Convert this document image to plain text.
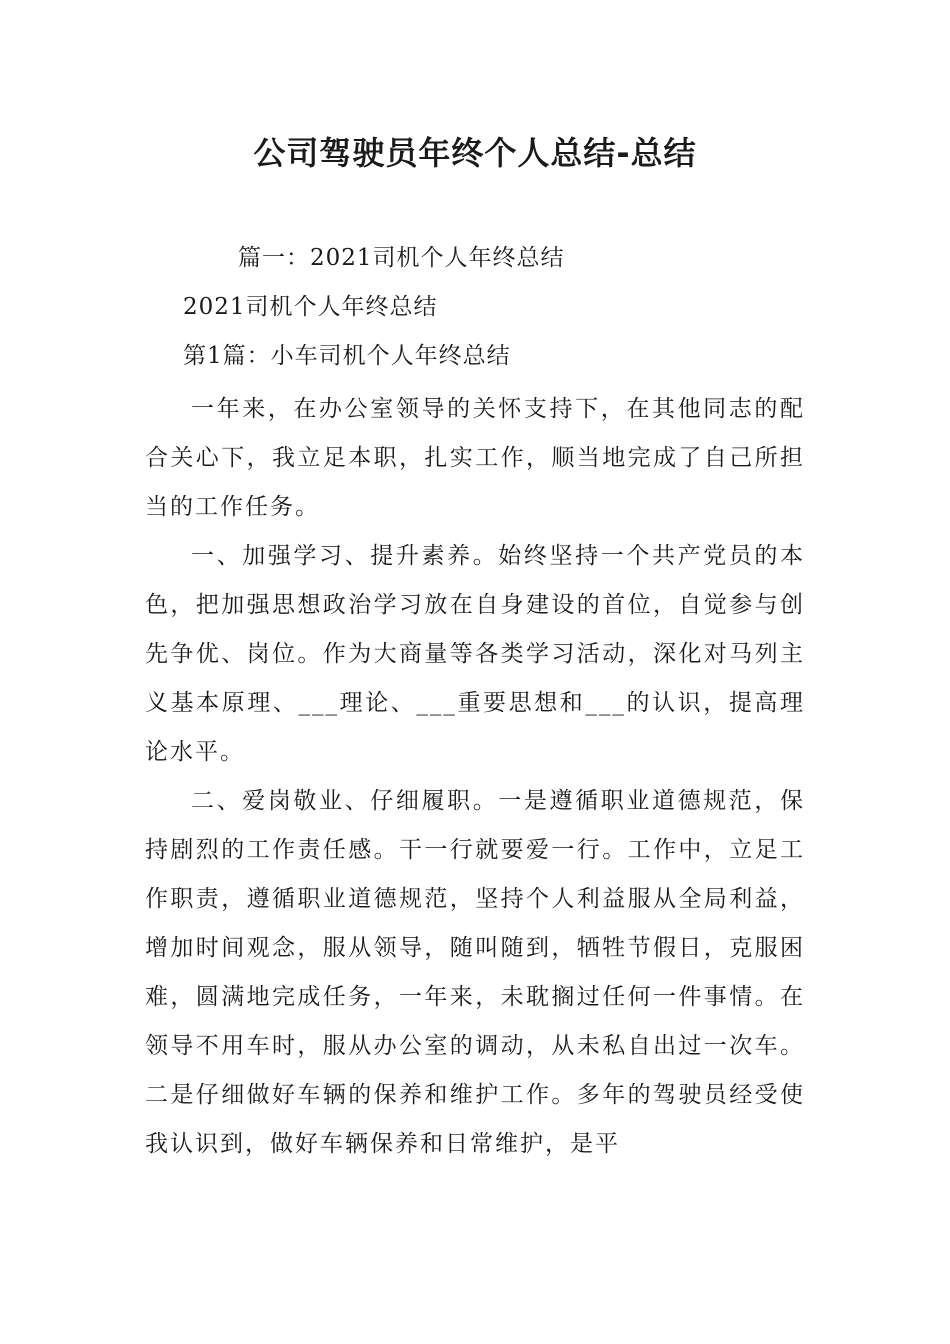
公司驾驶员年终个人总结-总结

篇一：2021司机个人年终总结

2021司机个人年终总结

第1篇：小车司机个人年终总结

一年来，在办公室领导的关怀支持下，在其他同志的配合关心下，我立足本职，扎实工作，顺当地完成了自己所担当的工作任务。

一、加强学习、提升素养。始终坚持一个共产党员的本色，把加强思想政治学习放在自身建设的首位，自觉参与创先争优、岗位。作为大商量等各类学习活动，深化对马列主义基本原理、___理论、___重要思想和___的认识，提高理论水平。

二、爱岗敬业、仔细履职。一是遵循职业道德规范，保持剧烈的工作责任感。干一行就要爱一行。工作中，立足工作职责，遵循职业道德规范，坚持个人利益服从全局利益，增加时间观念，服从领导，随叫随到，牺牲节假日，克服困难，圆满地完成任务，一年来，未耽搁过任何一件事情。在领导不用车时，服从办公室的调动，从未私自出过一次车。二是仔细做好车辆的保养和维护工作。多年的驾驶员经受使我认识到，做好车辆保养和日常维护，是平
